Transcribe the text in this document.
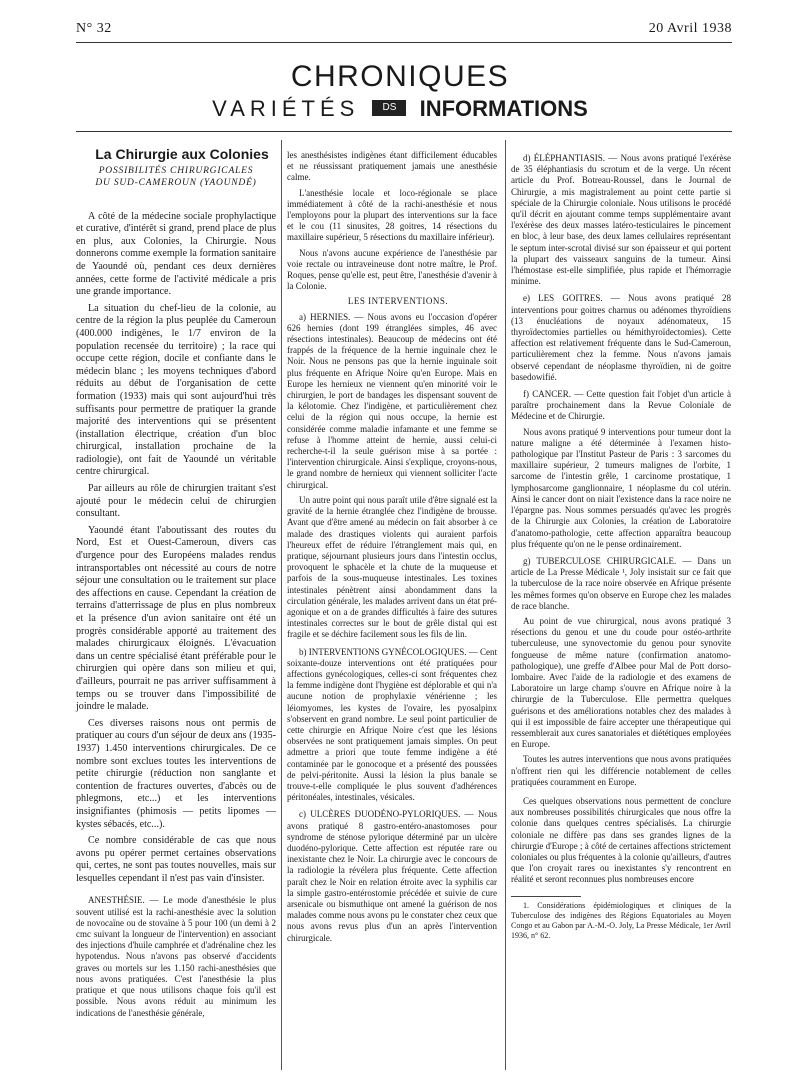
N° 32	20 Avril 1938
CHRONIQUES
VARIÉTÉS DS INFORMATIONS

La Chirurgie aux Colonies

POSSIBILITÉS CHIRURGICALES
DU SUD-CAMEROUN (YAOUNDÉ)

A côté de la médecine sociale prophylactique et curative, d'intérêt si grand, prend place de plus en plus, aux Colonies, la Chirurgie. Nous donnerons comme exemple la formation sanitaire de Yaoundé où, pendant ces deux dernières années, cette forme de l'activité médicale a pris une grande importance.

La situation du chef-lieu de la colonie, au centre de la région la plus peuplée du Cameroun (400.000 indigènes, le 1/7 environ de la population recensée du territoire) ; la race qui occupe cette région, docile et confiante dans le médecin blanc ; les moyens techniques d'abord réduits au début de l'organisation de cette formation (1933) mais qui sont aujourd'hui très suffisants pour permettre de pratiquer la grande majorité des interventions qui se présentent (installation électrique, création d'un bloc chirurgical, installation prochaine de la radiologie), ont fait de Yaoundé un véritable centre chirurgical.

Par ailleurs au rôle de chirurgien traitant s'est ajouté pour le médecin celui de chirurgien consultant.

Yaoundé étant l'aboutissant des routes du Nord, Est et Ouest-Cameroun, divers cas d'urgence pour des Européens malades rendus intransportables ont nécessité au cours de notre séjour une consultation ou le traitement sur place des affections en cause. Cependant la création de terrains d'atterrissage de plus en plus nombreux et la présence d'un avion sanitaire ont été un progrès considérable apporté au traitement des malades chirurgicaux éloignés. L'évacuation dans un centre spécialisé étant préférable pour le chirurgien qui opère dans son milieu et qui, d'ailleurs, pourrait ne pas arriver suffisamment à temps ou se trouver dans l'impossibilité de joindre le malade.

Ces diverses raisons nous ont permis de pratiquer au cours d'un séjour de deux ans (1935-1937) 1.450 interventions chirurgicales. De ce nombre sont exclues toutes les interventions de petite chirurgie (réduction non sanglante et contention de fractures ouvertes, d'abcès ou de phlegmons, etc...) et les interventions insignifiantes (phimosis — petits lipomes — kystes sébacés, etc...).

Ce nombre considérable de cas que nous avons pu opérer permet certaines observations qui, certes, ne sont pas toutes nouvelles, mais sur lesquelles cependant il n'est pas vain d'insister.

ANESTHÉSIE. — Le mode d'anesthésie le plus souvent utilisé est la rachi-anesthésie avec la solution de novocaïne ou de stovaïne à 5 pour 100 (un demi à 2 cmc suivant la longueur de l'intervention) en associant des injections d'huile camphrée et d'adrénaline chez les hypotendus. Nous n'avons pas observé d'accidents graves ou mortels sur les 1.150 rachi-anesthésies que nous avons pratiquées. C'est l'anesthésie la plus pratique et que nous utilisons chaque fois qu'il est possible. Nous avons réduit au minimum les indications de l'anesthésie générale,

les anesthésistes indigènes étant difficilement éducables et ne réussissant pratiquement jamais une anesthésie calme.

L'anesthésie locale et loco-régionale se place immédiatement à côté de la rachi-anesthésie et nous l'employons pour la plupart des interventions sur la face et le cou (11 sinusites, 28 goitres, 14 résections du maxillaire supérieur, 5 résections du maxillaire inférieur).

Nous n'avons aucune expérience de l'anesthésie par voie rectale ou intraveineuse dont notre maître, le Prof. Roques, pense qu'elle est, peut être, l'anesthésie d'avenir à la Colonie.

LES INTERVENTIONS.

a) HERNIES. — Nous avons eu l'occasion d'opérer 626 hernies (dont 199 étranglées simples, 46 avec résections intestinales). Beaucoup de médecins ont été frappés de la fréquence de la hernie inguinale chez le Noir. Nous ne pensons pas que la hernie inguinale soit plus fréquente en Afrique Noire qu'en Europe. Mais en Europe les hernieux ne viennent qu'en minorité voir le chirurgien, le port de bandages les dispensant souvent de la kélotomie. Chez l'indigène, et particulièrement chez celui de la région qui nous occupe, la hernie est considérée comme maladie infamante et une femme se refuse à l'homme atteint de hernie, aussi celui-ci recherche-t-il la seule guérison mise à sa portée : l'intervention chirurgicale. Ainsi s'explique, croyons-nous, le grand nombre de hernieux qui viennent solliciter l'acte chirurgical.

Un autre point qui nous paraît utile d'être signalé est la gravité de la hernie étranglée chez l'indigène de brousse. Avant que d'être amené au médecin on fait absorber à ce malade des drastiques violents qui auraient parfois l'heureux effet de réduire l'étranglement mais qui, en pratique, séjournant plusieurs jours dans l'intestin occlus, provoquent le sphacèle et la chute de la muqueuse et parfois de la sous-muqueuse intestinales. Les toxines intestinales pénètrent ainsi abondamment dans la circulation générale, les malades arrivent dans un état pré-agonique et on a de grandes difficultés à faire des sutures intestinales correctes sur le bout de grêle distal qui est fragile et se déchire facilement sous les fils de lin.

b) INTERVENTIONS GYNÉCOLOGIQUES. — Cent soixante-douze interventions ont été pratiquées pour affections gynécologiques, celles-ci sont fréquentes chez la femme indigène dont l'hygiène est déplorable et qui n'a aucune notion de prophylaxie vénérienne ; les léiomyomes, les kystes de l'ovaire, les pyosalpinx s'observent en grand nombre. Le seul point particulier de cette chirurgie en Afrique Noire c'est que les lésions observées ne sont pratiquement jamais simples. On peut admettre a priori que toute femme indigène a été contaminée par le gonocoque et a présenté des poussées de pelvi-péritonite. Aussi la lésion la plus banale se trouve-t-elle compliquée le plus souvent d'adhérences péritonéales, intestinales, vésicales.

c) ULCÈRES DUODÉNO-PYLORIQUES. — Nous avons pratiqué 8 gastro-entéro-anastomoses pour syndrome de sténose pylorique déterminé par un ulcère duodéno-pylorique. Cette affection est réputée rare ou inexistante chez le Noir. La chirurgie avec le concours de la radiologie la révélera plus fréquente. Cette affection paraît chez le Noir en relation étroite avec la syphilis car la simple gastro-entérostomie précédée et suivie de cure arsenicale ou bismuthique ont amené la guérison de nos malades comme nous avons pu le constater chez ceux que nous avons revus plus d'un an après l'intervention chirurgicale.

d) ÉLÉPHANTIASIS. — Nous avons pratiqué l'exérèse de 35 éléphantiasis du scrotum et de la verge. Un récent article du Prof. Botreau-Roussel, dans le Journal de Chirurgie, a mis magistralement au point cette partie si spéciale de la Chirurgie coloniale. Nous utilisons le procédé qu'il décrit en ajoutant comme temps supplémentaire avant l'exérèse des deux masses latéro-testiculaires le pincement en bloc, à leur base, des deux lames cellulaires représentant le septum inter-scrotal divisé sur son épaisseur et qui portent la plupart des vaisseaux sanguins de la tumeur. Ainsi l'hémostase est-elle simplifiée, plus rapide et l'hémorragie minime.

e) LES GOITRES. — Nous avons pratiqué 28 interventions pour goitres charnus ou adénomes thyroïdiens (13 énucléations de noyaux adénomateux, 15 thyroïdectomies partielles ou hémithyroïdectomies). Cette affection est relativement fréquente dans le Sud-Cameroun, particulièrement chez la femme. Nous n'avons jamais observé cependant de néoplasme thyroïdien, ni de goitre basedowifié.

f) CANCER. — Cette question fait l'objet d'un article à paraître prochainement dans la Revue Coloniale de Médecine et de Chirurgie.

Nous avons pratiqué 9 interventions pour tumeur dont la nature maligne a été déterminée à l'examen histo-pathologique par l'Institut Pasteur de Paris : 3 sarcomes du maxillaire supérieur, 2 tumeurs malignes de l'orbite, 1 sarcome de l'intestin grêle, 1 carcinome prostatique, 1 lymphosarcome ganglionnaire, 1 néoplasme du col utérin. Ainsi le cancer dont on niait l'existence dans la race noire ne l'épargne pas. Nous sommes persuadés qu'avec les progrès de la Chirurgie aux Colonies, la création de Laboratoire d'anatomo-pathologie, cette affection apparaîtra beaucoup plus fréquente qu'on ne le pense ordinairement.

g) TUBERCULOSE CHIRURGICALE. — Dans un article de La Presse Médicale ¹, Joly insistait sur ce fait que la tuberculose de la race noire observée en Afrique présente les mêmes formes qu'on observe en Europe chez les malades de race blanche.

Au point de vue chirurgical, nous avons pratiqué 3 résections du genou et une du coude pour ostéo-arthrite tuberculeuse, une synovectomie du genou pour synovite fongueuse de même nature (confirmation anatomo-pathologique), une greffe d'Albee pour Mal de Pott dorso-lombaire. Avec l'aide de la radiologie et des examens de Laboratoire un large champ s'ouvre en Afrique noire à la chirurgie de la Tuberculose. Elle permettra quelques guérisons et des améliorations notables chez des malades à qui il est impossible de faire accepter une thérapeutique qui ressemblerait aux cures sanatoriales et diététiques employées en Europe.

Toutes les autres interventions que nous avons pratiquées n'offrent rien qui les différencie notablement de celles pratiquées couramment en Europe.

Ces quelques observations nous permettent de conclure aux nombreuses possibilités chirurgicales que nous offre la colonie dans quelques centres spécialisés. La chirurgie coloniale ne diffère pas dans ses grandes lignes de la chirurgie d'Europe ; à côté de certaines affections strictement coloniales ou plus fréquentes à la colonie qu'ailleurs, d'autres que l'on croyait rares ou inexistantes s'y rencontrent en réalité et seront reconnues plus nombreuses encore

1. Considérations épidémiologiques et cliniques de la Tuberculose des indigènes des Régions Equatoriales au Moyen Congo et au Gabon par A.-M.-O. Joly, La Presse Médicale, 1er Avril 1936, n° 62.
